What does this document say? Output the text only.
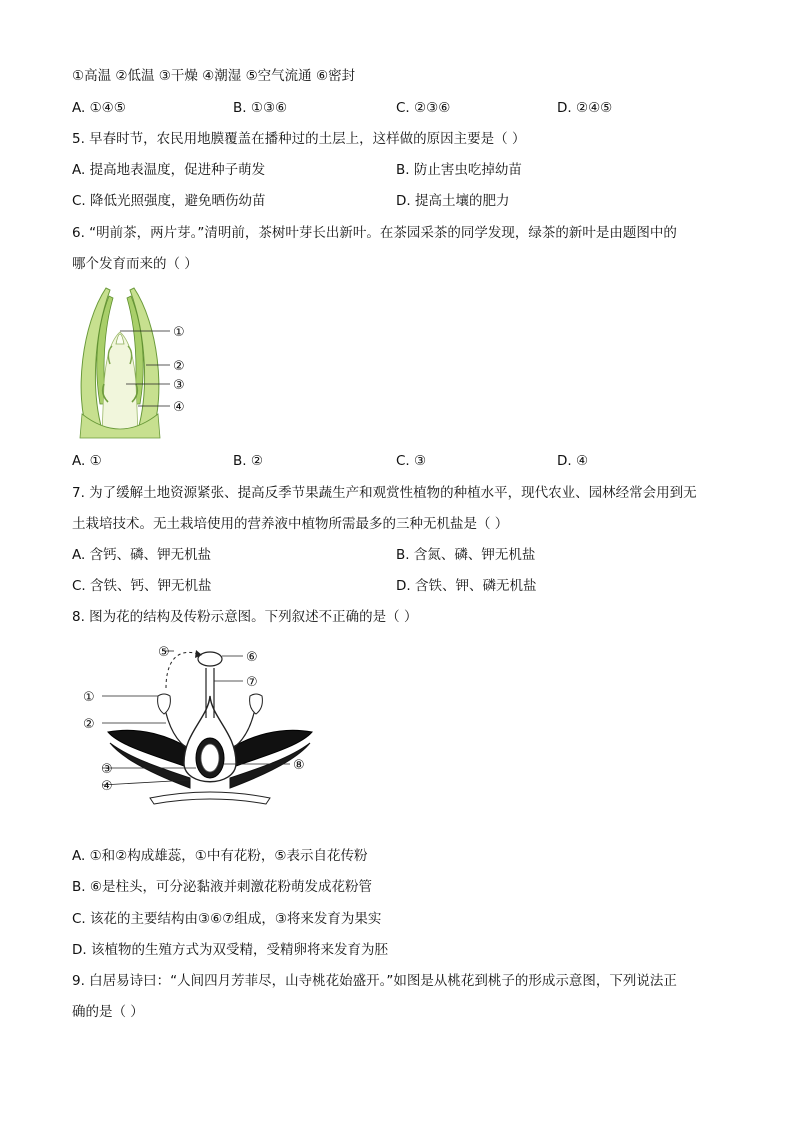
①高温 ②低温 ③干燥 ④潮湿 ⑤空气流通 ⑥密封
A. ①④⑤	B. ①③⑥	C. ②③⑥	D. ②④⑤
5. 早春时节，农民用地膜覆盖在播种过的土层上，这样做的原因主要是（ ）
A. 提高地表温度，促进种子萌发	B. 防止害虫吃掉幼苗
C. 降低光照强度，避免晒伤幼苗	D. 提高土壤的肥力
6. “明前茶，两片芽。”清明前，茶树叶芽长出新叶。在茶园采茶的同学发现，绿茶的新叶是由题图中的
哪个发育而来的（ ）
①
②
③
④
A. ①	B. ②	C. ③	D. ④
7. 为了缓解土地资源紧张、提高反季节果蔬生产和观赏性植物的种植水平，现代农业、园林经常会用到无
土栽培技术。无土栽培使用的营养液中植物所需最多的三种无机盐是（ ）
A. 含钙、磷、钾无机盐	B. 含氮、磷、钾无机盐
C. 含铁、钙、钾无机盐	D. 含铁、钾、磷无机盐
8. 图为花的结构及传粉示意图。下列叙述不正确的是（ ）
⑤
①
②
③
④
⑥
⑦
⑧
A. ①和②构成雄蕊，①中有花粉，⑤表示自花传粉
B. ⑥是柱头，可分泌黏液并刺激花粉萌发成花粉管
C. 该花的主要结构由③⑥⑦组成，③将来发育为果实
D. 该植物的生殖方式为双受精，受精卵将来发育为胚
9. 白居易诗曰：“人间四月芳菲尽，山寺桃花始盛开。”如图是从桃花到桃子的形成示意图，下列说法正
确的是（ ）
